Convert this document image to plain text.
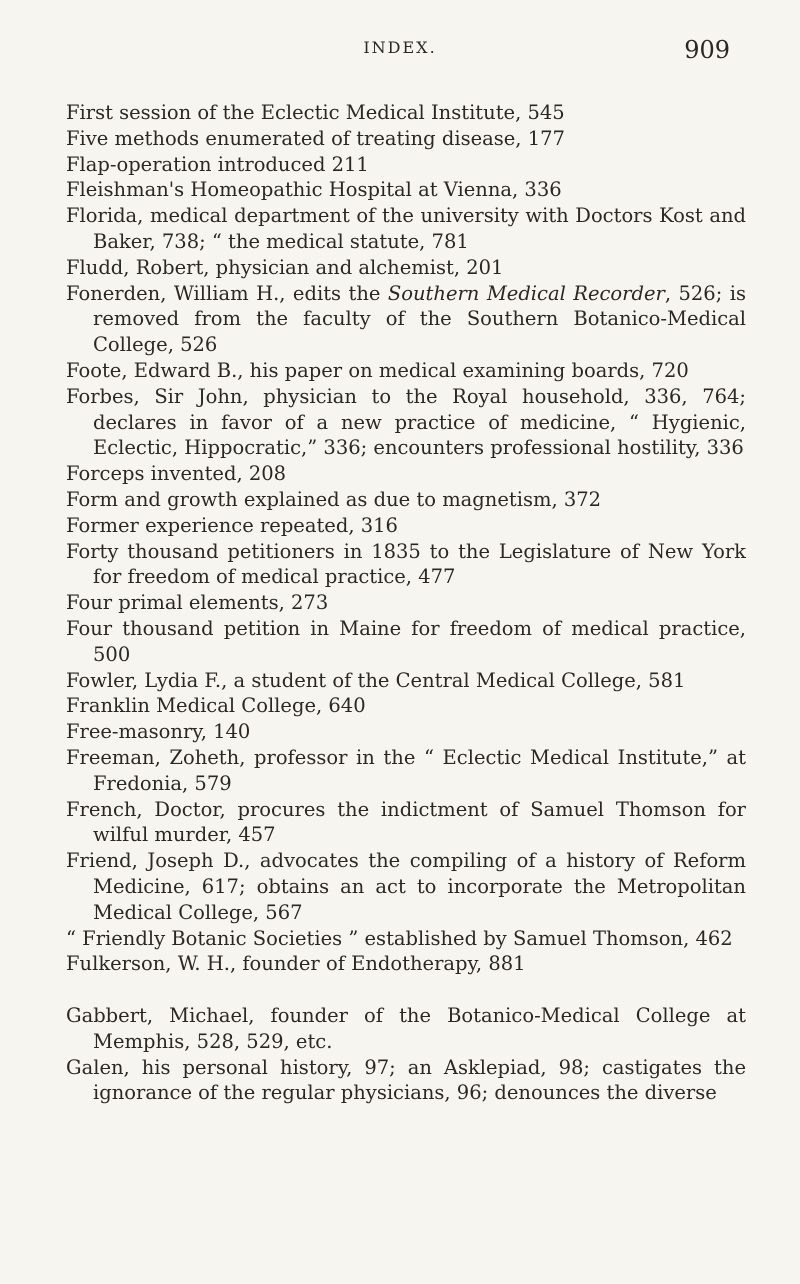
INDEX.	909
First session of the Eclectic Medical Institute, 545
Five methods enumerated of treating disease, 177
Flap-operation introduced 211
Fleishman's Homeopathic Hospital at Vienna, 336
Florida, medical department of the university with Doctors Kost and Baker, 738; “ the medical statute, 781
Fludd, Robert, physician and alchemist, 201
Fonerden, William H., edits the Southern Medical Recorder, 526; is removed from the faculty of the Southern Botanico-Medical College, 526
Foote, Edward B., his paper on medical examining boards, 720
Forbes, Sir John, physician to the Royal household, 336, 764; declares in favor of a new practice of medicine, “ Hygienic, Eclectic, Hippocratic,” 336; encounters professional hostility, 336
Forceps invented, 208
Form and growth explained as due to magnetism, 372
Former experience repeated, 316
Forty thousand petitioners in 1835 to the Legislature of New York for freedom of medical practice, 477
Four primal elements, 273
Four thousand petition in Maine for freedom of medical practice, 500
Fowler, Lydia F., a student of the Central Medical College, 581
Franklin Medical College, 640
Free-masonry, 140
Freeman, Zoheth, professor in the “ Eclectic Medical Institute,” at Fredonia, 579
French, Doctor, procures the indictment of Samuel Thomson for wilful murder, 457
Friend, Joseph D., advocates the compiling of a history of Reform Medicine, 617; obtains an act to incorporate the Metropolitan Medical College, 567
“ Friendly Botanic Societies ” established by Samuel Thomson, 462
Fulkerson, W. H., founder of Endotherapy, 881
Gabbert, Michael, founder of the Botanico-Medical College at Memphis, 528, 529, etc.
Galen, his personal history, 97; an Asklepiad, 98; castigates the ignorance of the regular physicians, 96; denounces the diverse
